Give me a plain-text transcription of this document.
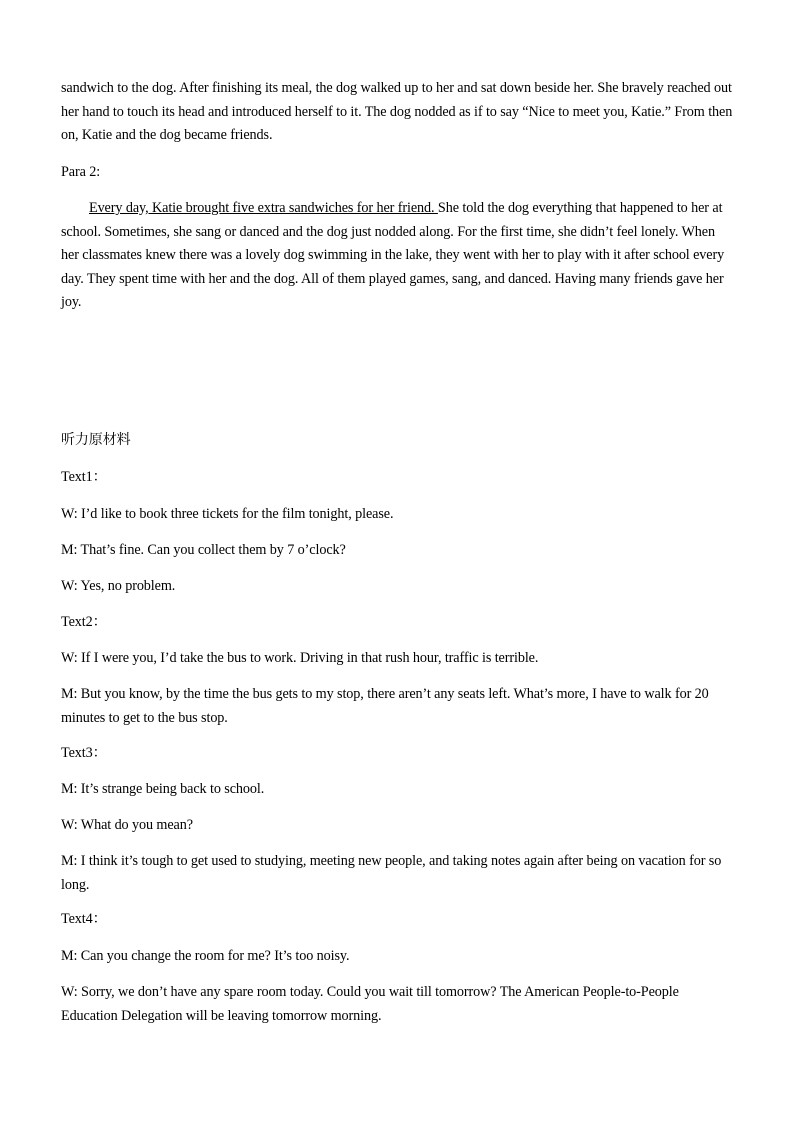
sandwich to the dog. After finishing its meal, the dog walked up to her and sat down beside her. She bravely reached out her hand to touch its head and introduced herself to it. The dog nodded as if to say “Nice to meet you, Katie.” From then on, Katie and the dog became friends.

Para 2:

Every day, Katie brought five extra sandwiches for her friend. She told the dog everything that happened to her at school. Sometimes, she sang or danced and the dog just nodded along. For the first time, she didn’t feel lonely. When her classmates knew there was a lovely dog swimming in the lake, they went with her to play with it after school every day. They spent time with her and the dog. All of them played games, sang, and danced. Having many friends gave her joy.

听力原材料

Text1：

W: I’d like to book three tickets for the film tonight, please.

M: That’s fine. Can you collect them by 7 o’clock?

W: Yes, no problem.

Text2：

W: If I were you, I’d take the bus to work. Driving in that rush hour, traffic is terrible.

M: But you know, by the time the bus gets to my stop, there aren’t any seats left. What’s more, I have to walk for 20 minutes to get to the bus stop.

Text3：

M: It’s strange being back to school.

W: What do you mean?

M: I think it’s tough to get used to studying, meeting new people, and taking notes again after being on vacation for so long.

Text4：

M: Can you change the room for me? It’s too noisy.

W: Sorry, we don’t have any spare room today. Could you wait till tomorrow? The American People-to-People Education Delegation will be leaving tomorrow morning.
